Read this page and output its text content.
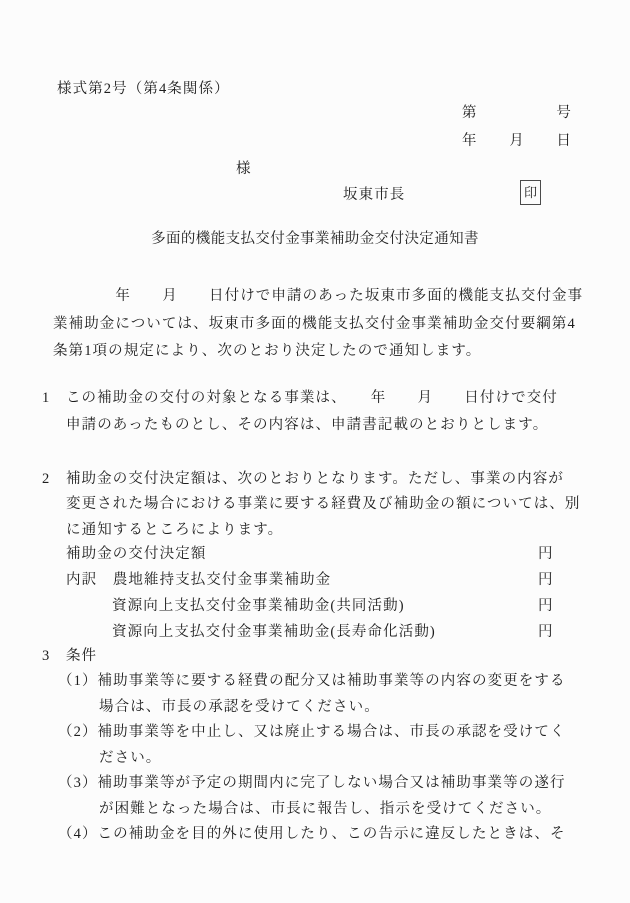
様式第2号（第4条関係）
第	号
年 月 日
様
坂東市長	印
多面的機能支払交付金事業補助金交付決定通知書
　　　　年　　月　　日付けで申請のあった坂東市多面的機能支払交付金事
業補助金については、坂東市多面的機能支払交付金事業補助金交付要綱第4
条第1項の規定により、次のとおり決定したので通知します。
1　この補助金の交付の対象となる事業は、　　年　　月　　日付けで交付
申請のあったものとし、その内容は、申請書記載のとおりとします。
2　補助金の交付決定額は、次のとおりとなります。ただし、事業の内容が
変更された場合における事業に要する経費及び補助金の額については、別
に通知するところによります。
補助金の交付決定額	円
内訳　農地維持支払交付金事業補助金	円
資源向上支払交付金事業補助金(共同活動)	円
資源向上支払交付金事業補助金(長寿命化活動)	円
3　条件
（1）補助事業等に要する経費の配分又は補助事業等の内容の変更をする
場合は、市長の承認を受けてください。
（2）補助事業等を中止し、又は廃止する場合は、市長の承認を受けてく
ださい。
（3）補助事業等が予定の期間内に完了しない場合又は補助事業等の遂行
が困難となった場合は、市長に報告し、指示を受けてください。
（4）この補助金を目的外に使用したり、この告示に違反したときは、そ
